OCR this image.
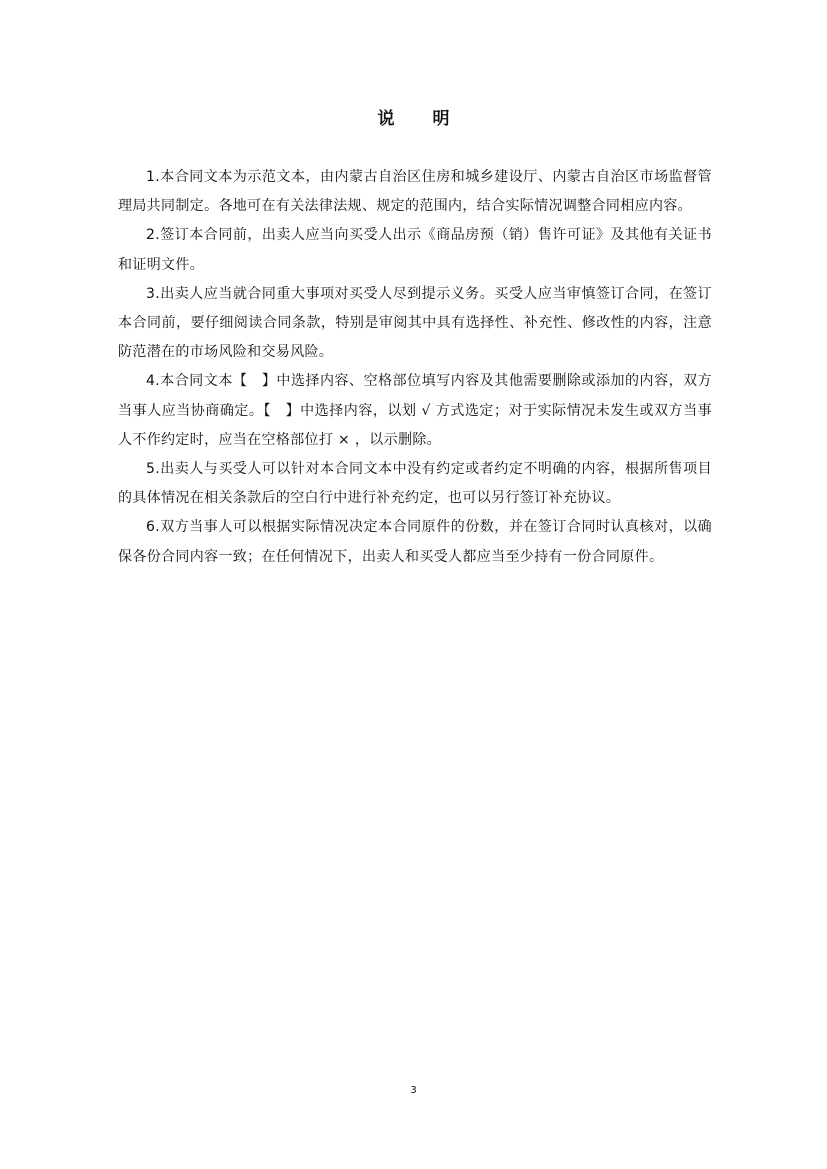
说 明

1.本合同文本为示范文本，由内蒙古自治区住房和城乡建设厅、内蒙古自治区市场监督管理局共同制定。各地可在有关法律法规、规定的范围内，结合实际情况调整合同相应内容。

2.签订本合同前，出卖人应当向买受人出示《商品房预（销）售许可证》及其他有关证书和证明文件。

3.出卖人应当就合同重大事项对买受人尽到提示义务。买受人应当审慎签订合同，在签订本合同前，要仔细阅读合同条款，特别是审阅其中具有选择性、补充性、修改性的内容，注意防范潜在的市场风险和交易风险。

4.本合同文本【　】中选择内容、空格部位填写内容及其他需要删除或添加的内容，双方当事人应当协商确定。【　】中选择内容，以划 √ 方式选定；对于实际情况未发生或双方当事人不作约定时，应当在空格部位打 × ，以示删除。

5.出卖人与买受人可以针对本合同文本中没有约定或者约定不明确的内容，根据所售项目的具体情况在相关条款后的空白行中进行补充约定，也可以另行签订补充协议。

6.双方当事人可以根据实际情况决定本合同原件的份数，并在签订合同时认真核对，以确保各份合同内容一致；在任何情况下，出卖人和买受人都应当至少持有一份合同原件。

3
